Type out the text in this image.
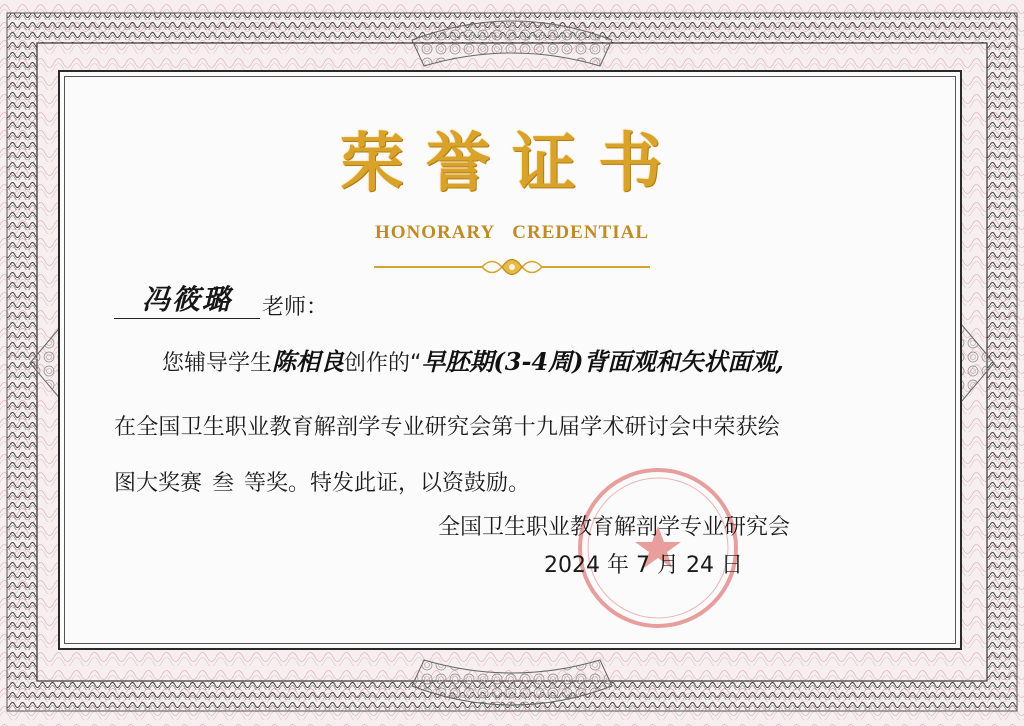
荣誉证书
HONORARY CREDENTIAL
冯筱璐	老师：
您辅导学生陈相良创作的“早胚期(3-4周)背面观和矢状面观,
在全国卫生职业教育解剖学专业研究会第十九届学术研讨会中荣获绘
图大奖赛 叁 等奖。特发此证，以资鼓励。
全国卫生职业教育解剖学专业研究会
2024 年 7 月 24 日
